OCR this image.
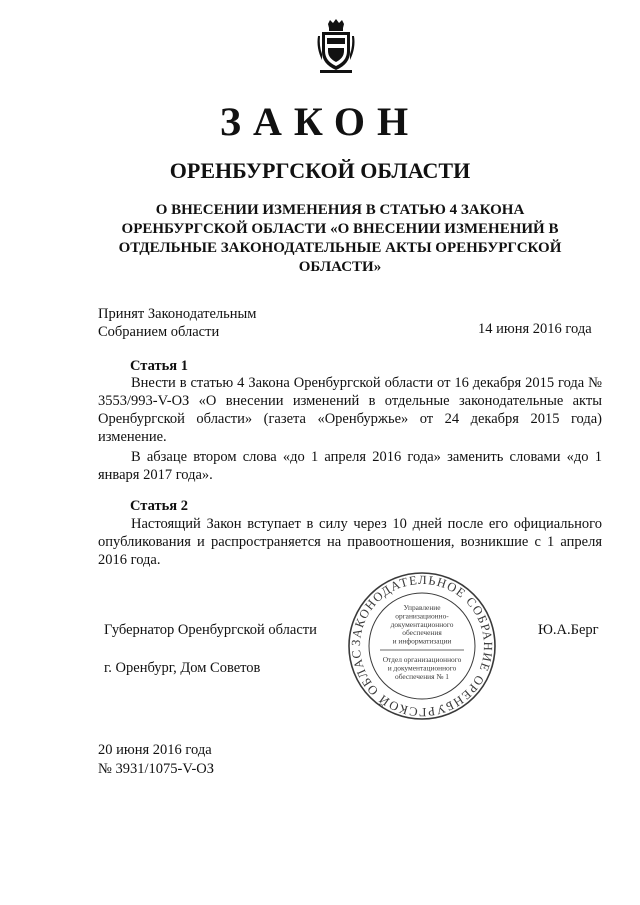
ЗАКОН
ОРЕНБУРГСКОЙ ОБЛАСТИ
О ВНЕСЕНИИ ИЗМЕНЕНИЯ В СТАТЬЮ 4 ЗАКОНА ОРЕНБУРГСКОЙ ОБЛАСТИ «О ВНЕСЕНИИ ИЗМЕНЕНИЙ В ОТДЕЛЬНЫЕ ЗАКОНОДАТЕЛЬНЫЕ АКТЫ ОРЕНБУРГСКОЙ ОБЛАСТИ»
Принят Законодательным
Собранием области	14 июня 2016 года
Статья 1

Внести в статью 4 Закона Оренбургской области от 16 декабря 2015 года № 3553/993-V-ОЗ «О внесении изменений в отдельные законодательные акты Оренбургской области» (газета «Оренбуржье» от 24 декабря 2015 года) изменение.

В абзаце втором слова «до 1 апреля 2016 года» заменить словами «до 1 января 2017 года».

Статья 2

Настоящий Закон вступает в силу через 10 дней после его официального опубликования и распространяется на правоотношения, возникшие с 1 апреля 2016 года.

Губернатор Оренбургской области	Ю.А.Берг
г. Оренбург, Дом Советов
20 июня 2016 года
№ 3931/1075-V-ОЗ
ЗАКОНОДАТЕЛЬНОЕ СОБРАНИЕ ОРЕНБУРГСКОЙ ОБЛАС
Управление
организационно-
документационного
обеспечения
и информатизации
Отдел организационного
и документационного
обеспечения № 1
